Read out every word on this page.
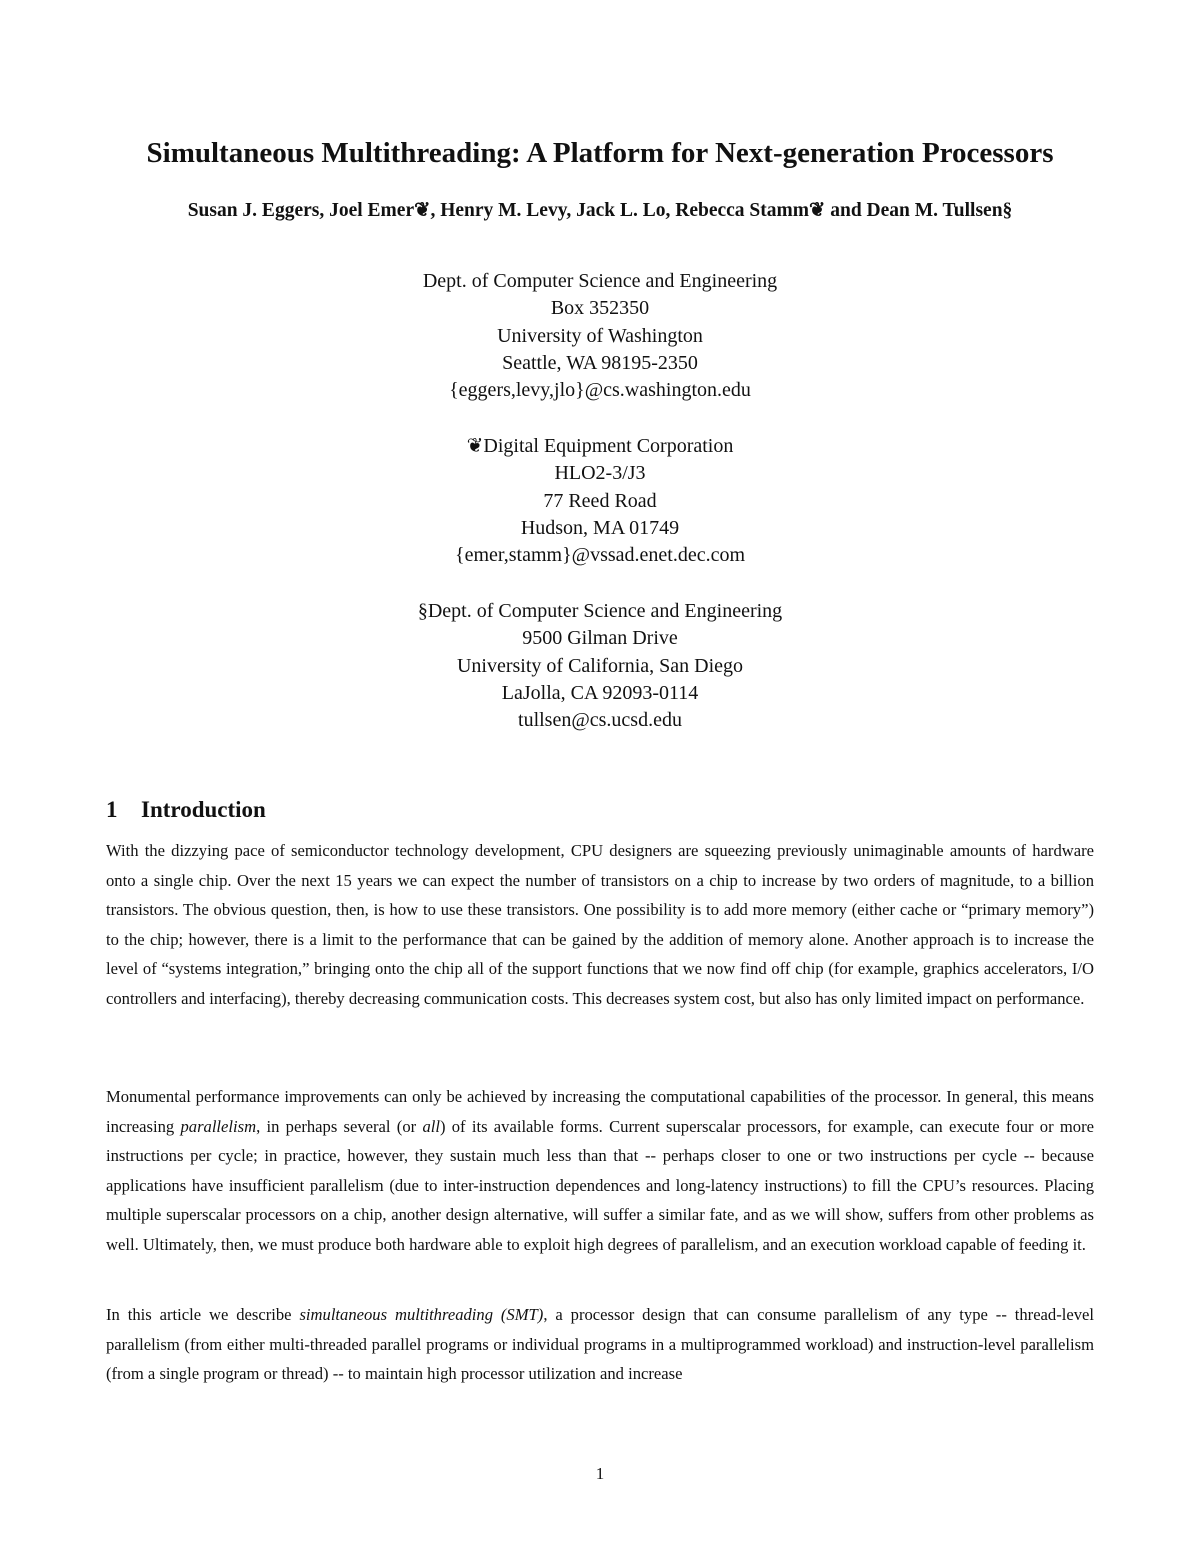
Simultaneous Multithreading: A Platform for Next-generation Processors
Susan J. Eggers, Joel Emer❦, Henry M. Levy, Jack L. Lo, Rebecca Stamm❦ and Dean M. Tullsen§
Dept. of Computer Science and Engineering
Box 352350
University of Washington
Seattle, WA 98195-2350
{eggers,levy,jlo}@cs.washington.edu
❦Digital Equipment Corporation
HLO2-3/J3
77 Reed Road
Hudson, MA 01749
{emer,stamm}@vssad.enet.dec.com
§Dept. of Computer Science and Engineering
9500 Gilman Drive
University of California, San Diego
LaJolla, CA 92093-0114
tullsen@cs.ucsd.edu
1 Introduction

With the dizzying pace of semiconductor technology development, CPU designers are squeezing previously unimaginable amounts of hardware onto a single chip. Over the next 15 years we can expect the number of transistors on a chip to increase by two orders of magnitude, to a billion transistors. The obvious question, then, is how to use these transistors. One possibility is to add more memory (either cache or “primary memory”) to the chip; however, there is a limit to the performance that can be gained by the addition of memory alone. Another approach is to increase the level of “systems integration,” bringing onto the chip all of the support functions that we now find off chip (for example, graphics accelerators, I/O controllers and interfacing), thereby decreasing communication costs. This decreases system cost, but also has only limited impact on performance.

Monumental performance improvements can only be achieved by increasing the computational capabilities of the processor. In general, this means increasing parallelism, in perhaps several (or all) of its available forms. Current superscalar processors, for example, can execute four or more instructions per cycle; in practice, however, they sustain much less than that -- perhaps closer to one or two instructions per cycle -- because applications have insufficient parallelism (due to inter-instruction dependences and long-latency instructions) to fill the CPU’s resources. Placing multiple superscalar processors on a chip, another design alternative, will suffer a similar fate, and as we will show, suffers from other problems as well. Ultimately, then, we must produce both hardware able to exploit high degrees of parallelism, and an execution workload capable of feeding it.

In this article we describe simultaneous multithreading (SMT), a processor design that can consume parallelism of any type -- thread-level parallelism (from either multi-threaded parallel programs or individual programs in a multiprogrammed workload) and instruction-level parallelism (from a single program or thread) -- to maintain high processor utilization and increase

1
